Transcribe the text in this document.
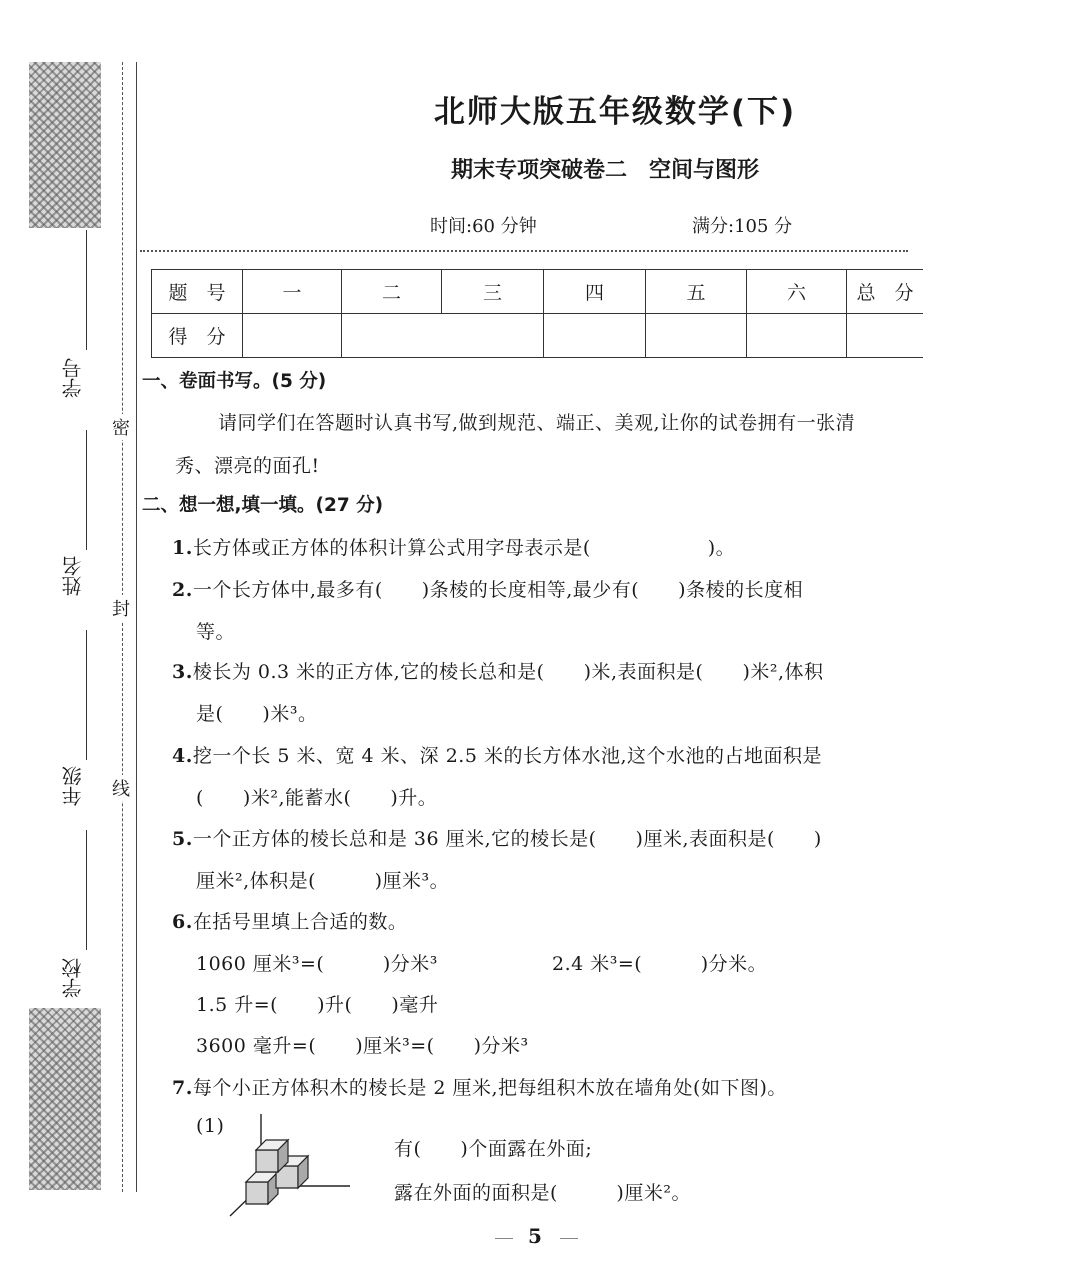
学号
姓名
年级
学校
密
封
线
北师大版五年级数学(下)
期末专项突破卷二　空间与图形
时间:60 分钟	满分:105 分
题　号	一	二	三	四	五	六	总　分
得　分							
一、卷面书写。(5 分)
请同学们在答题时认真书写,做到规范、端正、美观,让你的试卷拥有一张清
秀、漂亮的面孔!
二、想一想,填一填。(27 分)
1.长方体或正方体的体积计算公式用字母表示是(　　　　　　)。
2.一个长方体中,最多有(　　)条棱的长度相等,最少有(　　)条棱的长度相
等。
3.棱长为 0.3 米的正方体,它的棱长总和是(　　)米,表面积是(　　)米²,体积
是(　　)米³。
4.挖一个长 5 米、宽 4 米、深 2.5 米的长方体水池,这个水池的占地面积是
(　　)米²,能蓄水(　　)升。
5.一个正方体的棱长总和是 36 厘米,它的棱长是(　　)厘米,表面积是(　　)
厘米²,体积是(　　　)厘米³。
6.在括号里填上合适的数。
1060 厘米³=(　　　)分米³	2.4 米³=(　　　)分米。
1.5 升=(　　)升(　　)毫升
3600 毫升=(　　)厘米³=(　　)分米³
7.每个小正方体积木的棱长是 2 厘米,把每组积木放在墙角处(如下图)。
(1)
有(　　)个面露在外面;
露在外面的面积是(　　　)厘米²。
5
